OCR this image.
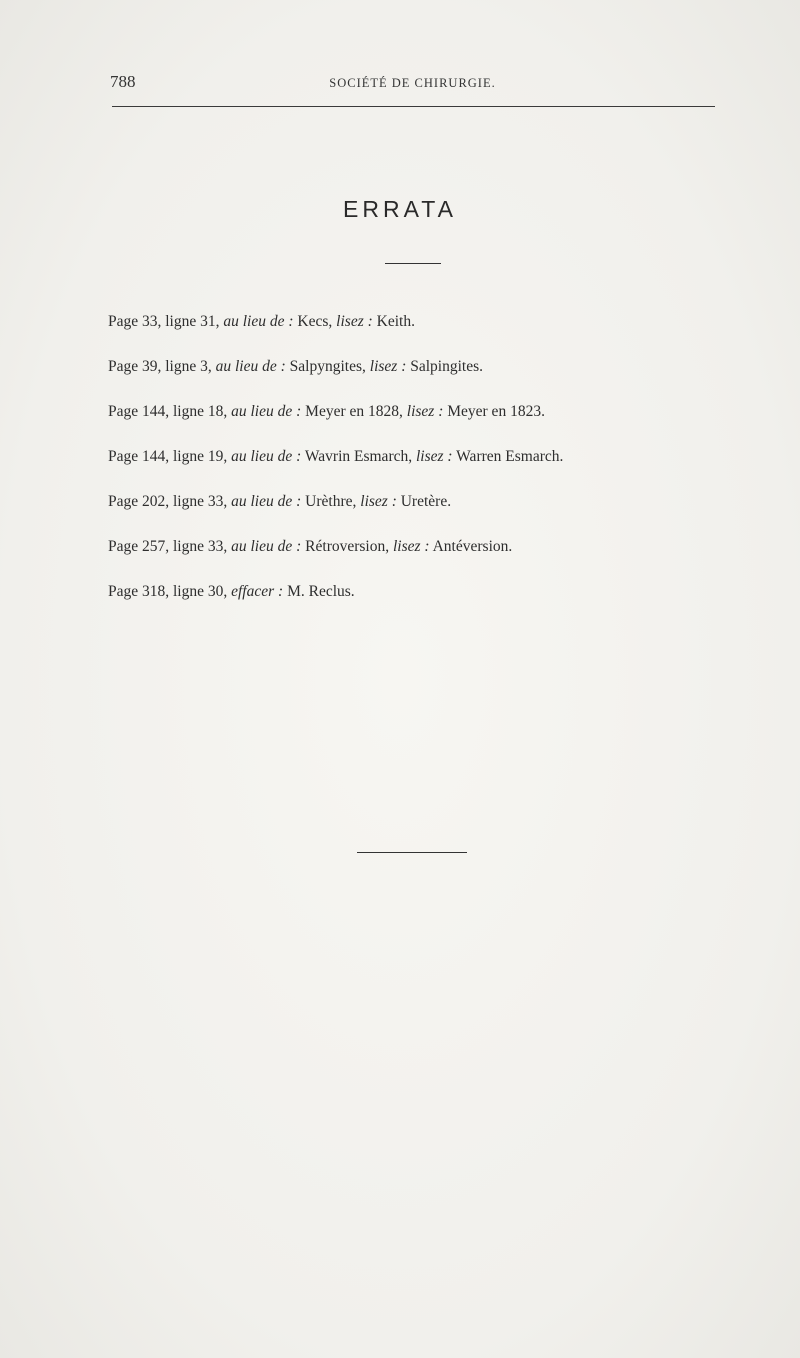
788	SOCIÉTÉ DE CHIRURGIE.
ERRATA
Page 33, ligne 31, au lieu de : Kecs, lisez : Keith.
Page 39, ligne 3, au lieu de : Salpyngites, lisez : Salpingites.
Page 144, ligne 18, au lieu de : Meyer en 1828, lisez : Meyer en 1823.
Page 144, ligne 19, au lieu de : Wavrin Esmarch, lisez : Warren Esmarch.
Page 202, ligne 33, au lieu de : Urèthre, lisez : Uretère.
Page 257, ligne 33, au lieu de : Rétroversion, lisez : Antéversion.
Page 318, ligne 30, effacer : M. Reclus.
